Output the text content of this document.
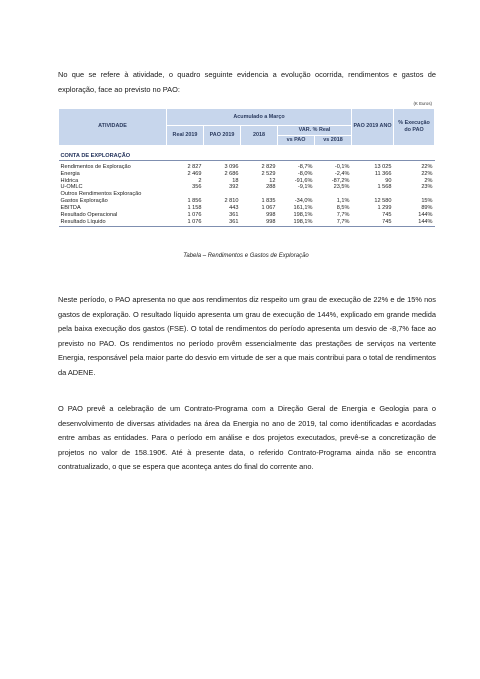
No que se refere à atividade, o quadro seguinte evidencia a evolução ocorrida, rendimentos e gastos de exploração, face ao previsto no PAO:

(K Euros)
ATIVIDADE	Acumulado a Março					PAO 2019 ANO	% Execução do PAO
	Real 2019	PAO 2019	2018	VAR. % Real			
				vs PAO	vs 2018		

CONTA DE EXPLORAÇÃO							

Rendimentos de Exploração	2 827	3 096	2 829	-8,7%	-0,1%	13 025	22%
Energia	2 469	2 686	2 529	-8,0%	-2,4%	11 366	22%
Hídrica	2	18	12	-91,6%	-87,2%	90	2%
U-OMLC	356	392	288	-9,1%	23,5%	1 568	23%
Outros Rendimentos Exploração							
Gastos Exploração	1 856	2 810	1 835	-34,0%	1,1%	12 580	15%
EBITDA	1 158	443	1 067	161,1%	8,5%	1 299	89%
Resultado Operacional	1 076	361	998	198,1%	7,7%	745	144%
Resultado Líquido	1 076	361	998	198,1%	7,7%	745	144%
Tabela – Rendimentos e Gastos de Exploração

Neste período, o PAO apresenta no que aos rendimentos diz respeito um grau de execução de 22% e de 15% nos gastos de exploração. O resultado líquido apresenta um grau de execução de 144%, explicado em grande medida pela baixa execução dos gastos (FSE). O total de rendimentos do período apresenta um desvio de -8,7% face ao previsto no PAO. Os rendimentos no período provêm essencialmente das prestações de serviços na vertente Energia, responsável pela maior parte do desvio em virtude de ser a que mais contribui para o total de rendimentos da ADENE.

O PAO prevê a celebração de um Contrato-Programa com a Direção Geral de Energia e Geologia para o desenvolvimento de diversas atividades na área da Energia no ano de 2019, tal como identificadas e acordadas entre ambas as entidades. Para o período em análise e dos projetos executados, prevê-se a concretização de projetos no valor de 158.190€. Até à presente data, o referido Contrato-Programa ainda não se encontra contratualizado, o que se espera que aconteça antes do final do corrente ano.
